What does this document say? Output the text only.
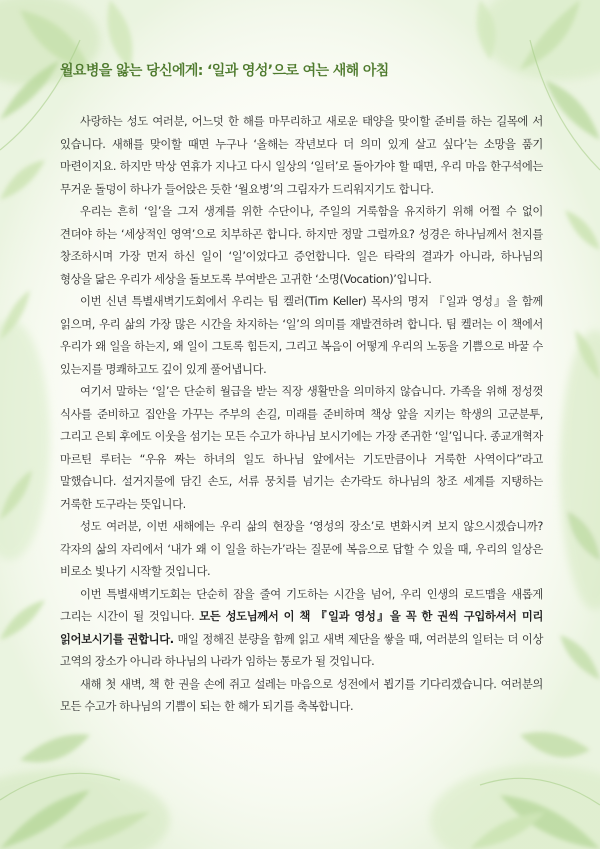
월요병을 앓는 당신에게: ‘일과 영성’으로 여는 새해 아침

사랑하는 성도 여러분, 어느덧 한 해를 마무리하고 새로운 태양을 맞이할 준비를 하는 길목에 서 있습니다. 새해를 맞이할 때면 누구나 ‘올해는 작년보다 더 의미 있게 살고 싶다’는 소망을 품기 마련이지요. 하지만 막상 연휴가 지나고 다시 일상의 ‘일터’로 돌아가야 할 때면, 우리 마음 한구석에는 무거운 돌덩이 하나가 들어앉은 듯한 ‘월요병’의 그림자가 드리워지기도 합니다.

우리는 흔히 ‘일’을 그저 생계를 위한 수단이나, 주일의 거룩함을 유지하기 위해 어쩔 수 없이 견뎌야 하는 ‘세상적인 영역’으로 치부하곤 합니다. 하지만 정말 그럴까요? 성경은 하나님께서 천지를 창조하시며 가장 먼저 하신 일이 ‘일’이었다고 증언합니다. 일은 타락의 결과가 아니라, 하나님의 형상을 닮은 우리가 세상을 돌보도록 부여받은 고귀한 ‘소명(Vocation)’입니다.

이번 신년 특별새벽기도회에서 우리는 팀 켈러(Tim Keller) 목사의 명저 『일과 영성』을 함께 읽으며, 우리 삶의 가장 많은 시간을 차지하는 ‘일’의 의미를 재발견하려 합니다. 팀 켈러는 이 책에서 우리가 왜 일을 하는지, 왜 일이 그토록 힘든지, 그리고 복음이 어떻게 우리의 노동을 기쁨으로 바꿀 수 있는지를 명쾌하고도 깊이 있게 풀어냅니다.

여기서 말하는 ‘일’은 단순히 월급을 받는 직장 생활만을 의미하지 않습니다. 가족을 위해 정성껏 식사를 준비하고 집안을 가꾸는 주부의 손길, 미래를 준비하며 책상 앞을 지키는 학생의 고군분투, 그리고 은퇴 후에도 이웃을 섬기는 모든 수고가 하나님 보시기에는 가장 존귀한 ‘일’입니다. 종교개혁자 마르틴 루터는 “우유 짜는 하녀의 일도 하나님 앞에서는 기도만큼이나 거룩한 사역이다”라고 말했습니다. 설거지물에 담긴 손도, 서류 뭉치를 넘기는 손가락도 하나님의 창조 세계를 지탱하는 거룩한 도구라는 뜻입니다.

성도 여러분, 이번 새해에는 우리 삶의 현장을 ‘영성의 장소’로 변화시켜 보지 않으시겠습니까? 각자의 삶의 자리에서 ‘내가 왜 이 일을 하는가’라는 질문에 복음으로 답할 수 있을 때, 우리의 일상은 비로소 빛나기 시작할 것입니다.

이번 특별새벽기도회는 단순히 잠을 줄여 기도하는 시간을 넘어, 우리 인생의 로드맵을 새롭게 그리는 시간이 될 것입니다. 모든 성도님께서 이 책 『일과 영성』을 꼭 한 권씩 구입하셔서 미리 읽어보시기를 권합니다. 매일 정해진 분량을 함께 읽고 새벽 제단을 쌓을 때, 여러분의 일터는 더 이상 고역의 장소가 아니라 하나님의 나라가 임하는 통로가 될 것입니다.

새해 첫 새벽, 책 한 권을 손에 쥐고 설레는 마음으로 성전에서 뵙기를 기다리겠습니다. 여러분의 모든 수고가 하나님의 기쁨이 되는 한 해가 되기를 축복합니다.
